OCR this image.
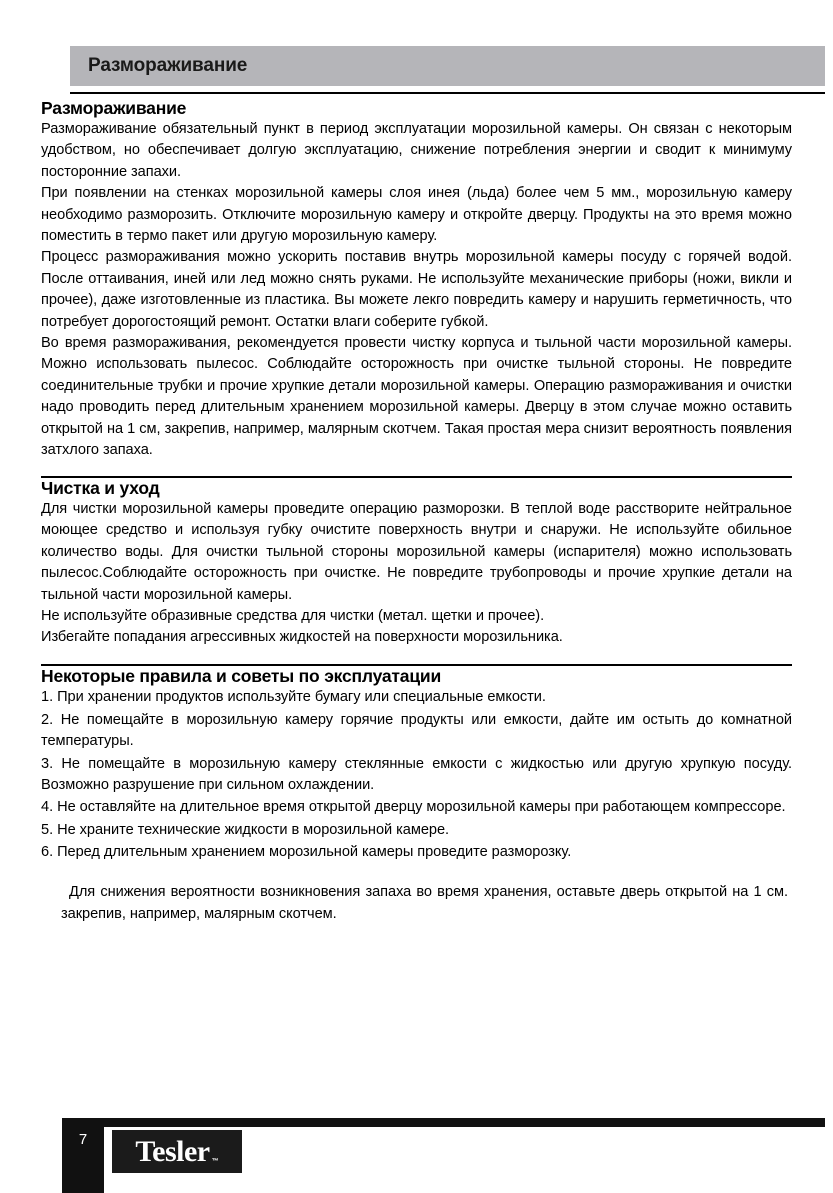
Размораживание
Размораживание

Размораживание обязательный пункт в период эксплуатации морозильной камеры. Он связан с некоторым удобством, но обеспечивает долгую эксплуатацию, снижение потребления энергии и сводит к минимуму посторонние запахи.

При появлении на стенках морозильной камеры слоя инея (льда) более чем 5 мм., морозильную камеру необходимо разморозить. Отключите морозильную камеру и откройте дверцу. Продукты на это время можно поместить в термо пакет или другую морозильную камеру.

Процесс размораживания можно ускорить поставив внутрь морозильной камеры посуду с горячей водой. После оттаивания, иней или лед можно снять руками. Не используйте механические приборы (ножи, викли и прочее), даже изготовленные из пластика. Вы можете лекго повредить камеру и нарушить герметичность, что потребует дорогостоящий ремонт. Остатки влаги соберите губкой.

Во время размораживания, рекомендуется провести чистку корпуса и тыльной части морозильной камеры. Можно использовать пылесос. Соблюдайте осторожность при очистке тыльной стороны. Не повредите соединительные трубки и прочие хрупкие детали морозильной камеры. Операцию размораживания и очистки надо проводить перед длительным хранением морозильной камеры. Дверцу в этом случае можно оставить открытой на 1 см, закрепив, например, малярным скотчем. Такая простая мера снизит вероятность появления затхлого запаха.

Чистка и уход

Для чистки морозильной камеры проведите операцию разморозки. В теплой воде расстворите нейтральное моющее средство и используя губку очистите поверхность внутри и снаружи. Не используйте обильное количество воды. Для очистки тыльной стороны морозильной камеры (испарителя) можно использовать пылесос.Соблюдайте осторожность при очистке. Не повредите трубопроводы и прочие хрупкие детали на тыльной части морозильной камеры.

Не используйте образивные средства для чистки (метал. щетки и прочее).

Избегайте попадания агрессивных жидкостей на поверхности морозильника.

Некоторые правила и советы по эксплуатации
1. При хранении продуктов используйте бумагу или специальные емкости.
2. Не помещайте в морозильную камеру горячие продукты или емкости, дайте им остыть до комнатной температуры.
3. Не помещайте в морозильную камеру стеклянные емкости с жидкостью или другую хрупкую посуду. Возможно разрушение при сильном охлаждении.
4. Не оставляйте на длительное время открытой дверцу морозильной камеры при работающем компрессоре.
5. Не храните технические жидкости в морозильной камере.
6. Перед длительным хранением морозильной камеры проведите разморозку.

Для снижения вероятности возникновения запаха во время хранения, оставьте дверь открытой на 1 см. закрепив, например, малярным скотчем.

7	Tesler ™
